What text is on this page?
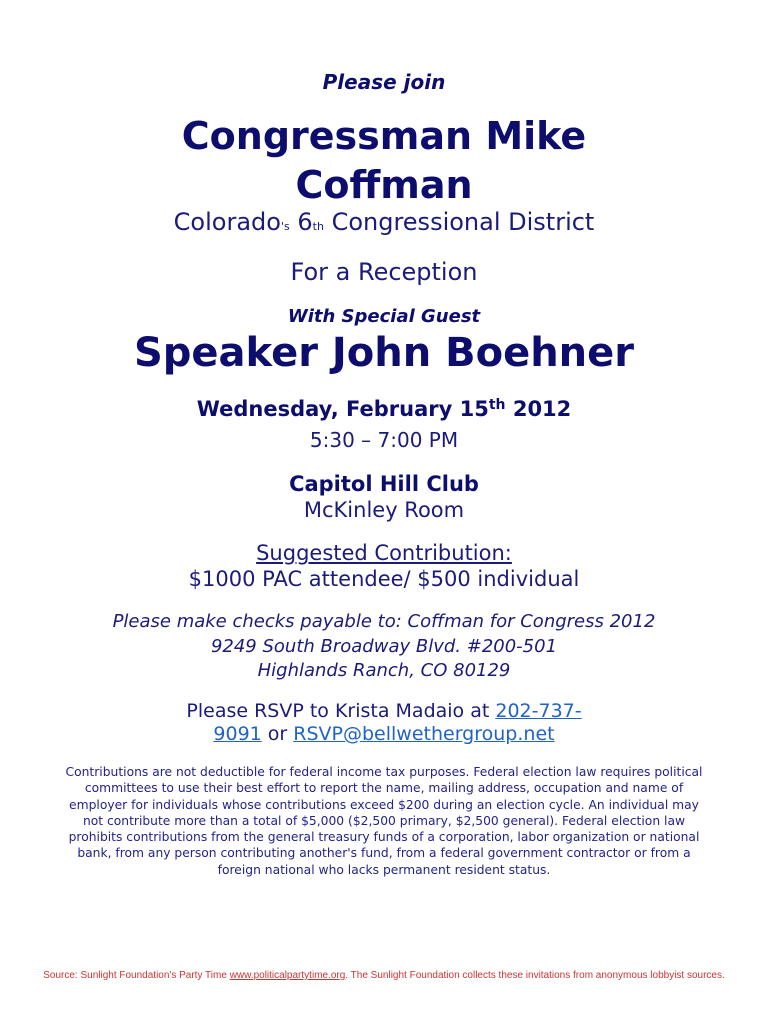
Please join
Congressman Mike
Coffman
Colorado's 6th Congressional District
For a Reception
With Special Guest
Speaker John Boehner
Wednesday, February 15th 2012
5:30 – 7:00 PM
Capitol Hill Club
McKinley Room
Suggested Contribution:
$1000 PAC attendee/ $500 individual
Please make checks payable to: Coffman for Congress 2012
9249 South Broadway Blvd. #200-501
Highlands Ranch, CO 80129
Please RSVP to Krista Madaio at 202-737-
9091 or RSVP@bellwethergroup.net
Contributions are not deductible for federal income tax purposes. Federal election law requires political committees to use their best effort to report the name, mailing address, occupation and name of employer for individuals whose contributions exceed $200 during an election cycle. An individual may not contribute more than a total of $5,000 ($2,500 primary, $2,500 general). Federal election law prohibits contributions from the general treasury funds of a corporation, labor organization or national bank, from any person contributing another's fund, from a federal government contractor or from a foreign national who lacks permanent resident status.
Source: Sunlight Foundation's Party Time www.politicalpartytime.org. The Sunlight Foundation collects these invitations from anonymous lobbyist sources.
